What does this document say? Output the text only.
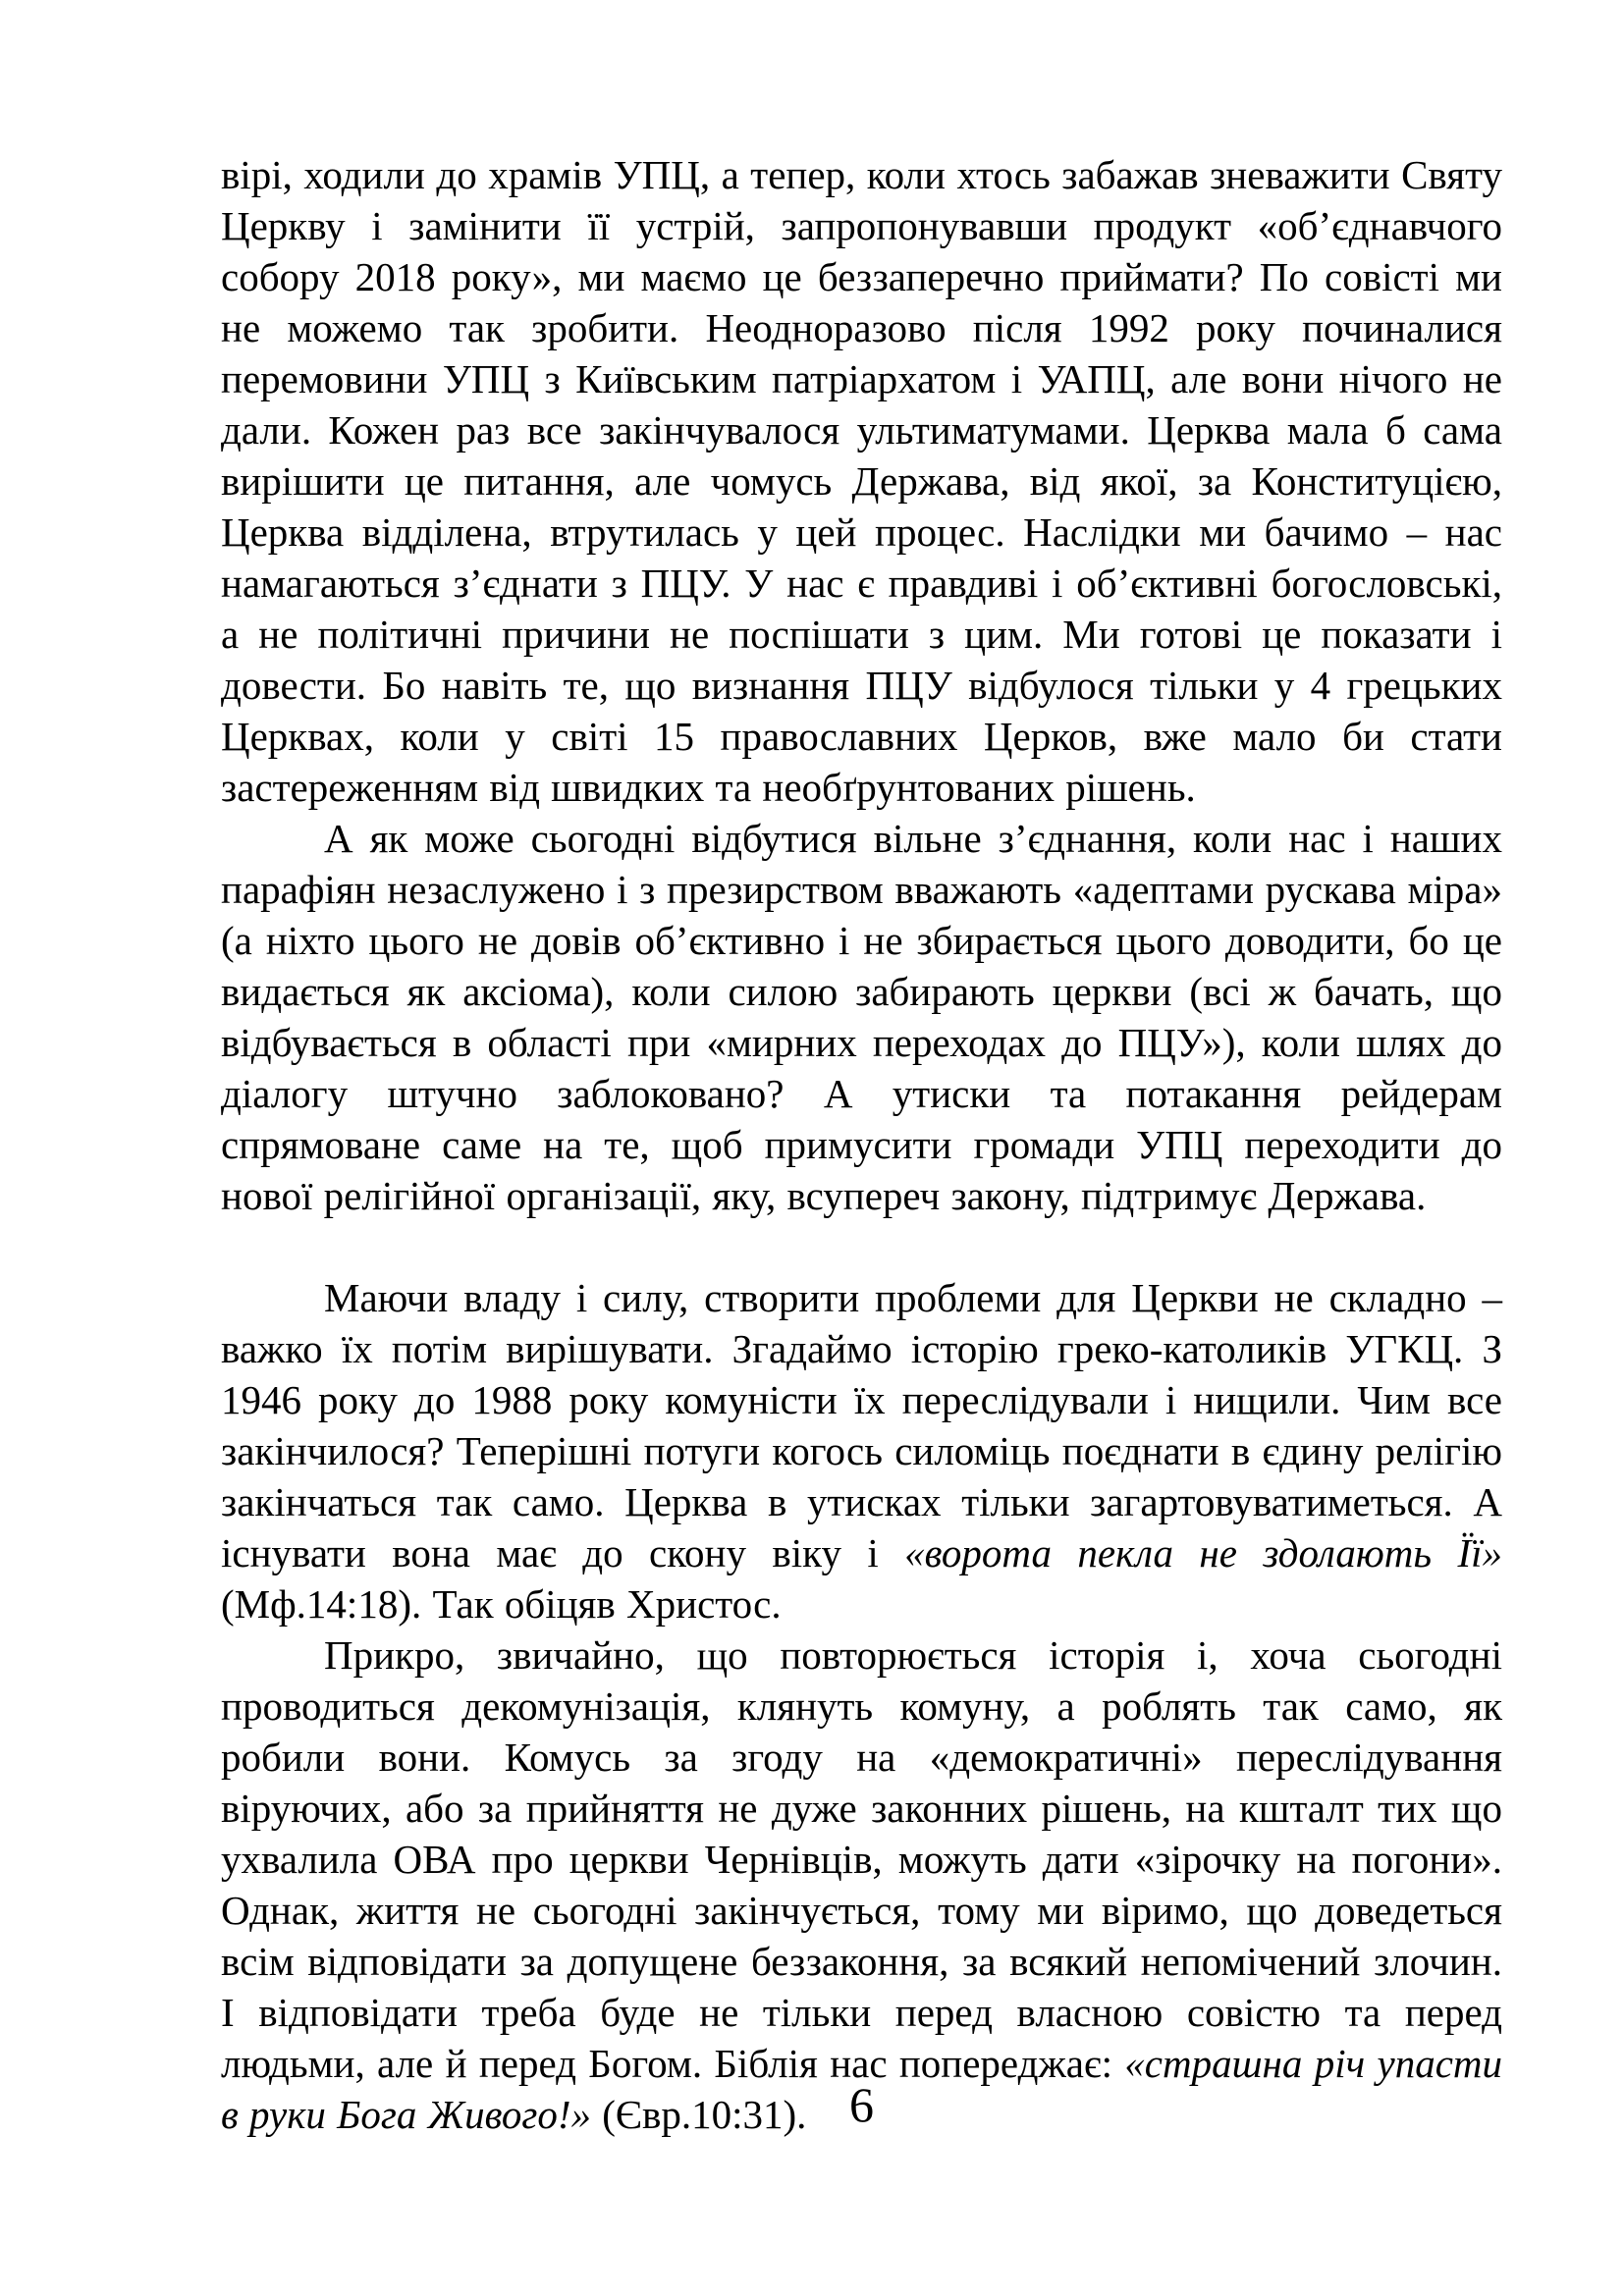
вірі, ходили до храмів УПЦ, а тепер, коли хтось забажав зневажити Святу Церкву і замінити її устрій, запропонувавши продукт «об’єднавчого собору 2018 року», ми маємо це беззаперечно приймати? По совісті ми не можемо так зробити. Неодноразово після 1992 року починалися перемовини УПЦ з Київським патріархатом і УАПЦ, але вони нічого не дали. Кожен раз все закінчувалося ультиматумами. Церква мала б сама вирішити це питання, але чомусь Держава, від якої, за Конституцією, Церква відділена, втрутилась у цей процес. Наслідки ми бачимо – нас намагаються з’єднати з ПЦУ. У нас є правдиві і об’єктивні богословські, а не політичні причини не поспішати з цим. Ми готові це показати і довести. Бо навіть те, що визнання ПЦУ відбулося тільки у 4 грецьких Церквах, коли у світі 15 православних Церков, вже мало би стати застереженням від швидких та необґрунтованих рішень.

А як може сьогодні відбутися вільне з’єднання, коли нас і наших парафіян незаслужено і з презирством вважають «адептами рускава міра» (а ніхто цього не довів об’єктивно і не збирається цього доводити, бо це видається як аксіома), коли силою забирають церкви (всі ж бачать, що відбувається в області при «мирних переходах до ПЦУ»), коли шлях до діалогу штучно заблоковано? А утиски та потакання рейдерам спрямоване саме на те, щоб примусити громади УПЦ переходити до нової релігійної організації, яку, всупереч закону, підтримує Держава.

Маючи владу і силу, створити проблеми для Церкви не складно – важко їх потім вирішувати. Згадаймо історію греко-католиків УГКЦ. З 1946 року до 1988 року комуністи їх переслідували і нищили. Чим все закінчилося? Теперішні потуги когось силоміць поєднати в єдину релігію закінчаться так само. Церква в утисках тільки загартовуватиметься. А існувати вона має до скону віку і «ворота пекла не здолають Її» (Мф.14:18). Так обіцяв Христос.

Прикро, звичайно, що повторюється історія і, хоча сьогодні проводиться декомунізація, клянуть комуну, а роблять так само, як робили вони. Комусь за згоду на «демократичні» переслідування віруючих, або за прийняття не дуже законних рішень, на кшталт тих що ухвалила ОВА про церкви Чернівців, можуть дати «зірочку на погони». Однак, життя не сьогодні закінчується, тому ми віримо, що доведеться всім відповідати за допущене беззаконня, за всякий непомічений злочин. І відповідати треба буде не тільки перед власною совістю та перед людьми, але й перед Богом. Біблія нас попереджає: «страшна річ упасти в руки Бога Живого!» (Євр.10:31). 6
